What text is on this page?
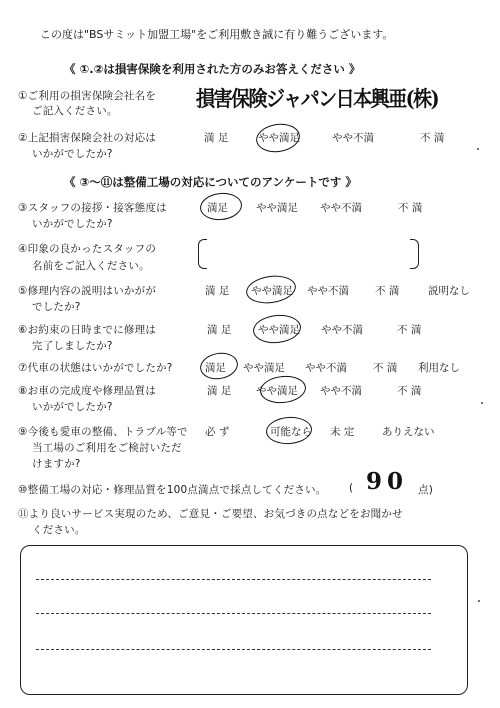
この度は"BSサミット加盟工場"をご利用敷き誠に有り難うございます。
《 ①.②は損害保険を利用された方のみお答えください 》
①ご利用の損害保険会社名を
ご記入ください。	損害保険ジャパン日本興亜(株)
②上記損害保険会社の対応は
いかがでしたか?
満 足	やや満足	やや不満	不 満
《 ③～⑪は整備工場の対応についてのアンケートです 》
③スタッフの接拶・接客態度は
いかがでしたか?
満足	やや満足 やや不満	不 満
④印象の良かったスタッフの
名前をご記入ください。
⑤修理内容の説明はいかがが
でしたか?
満 足 やや満足 やや不満 不 満	説明なし
⑥お約束の日時までに修理は
完了しましたか?
満 足	やや満足 やや不満	不 満
⑦代車の状態はいかがでしたか?	満足 やや満足 やや不満 不 満 利用なし
⑧お車の完成度や修理品質は
いかがでしたか?
満 足 やや満足 やや不満	不 満
⑨今後も愛車の整備、トラブル等で
当工場のご利用をご検討いただ
けますか?
必 ず	可能なら 未 定	ありえない
⑩整備工場の対応・修理品質を100点満点で採点してください。 ( 90 点)
⑪より良いサービス実現のため、ご意見・ご要望、お気づきの点などをお聞かせ
ください。
